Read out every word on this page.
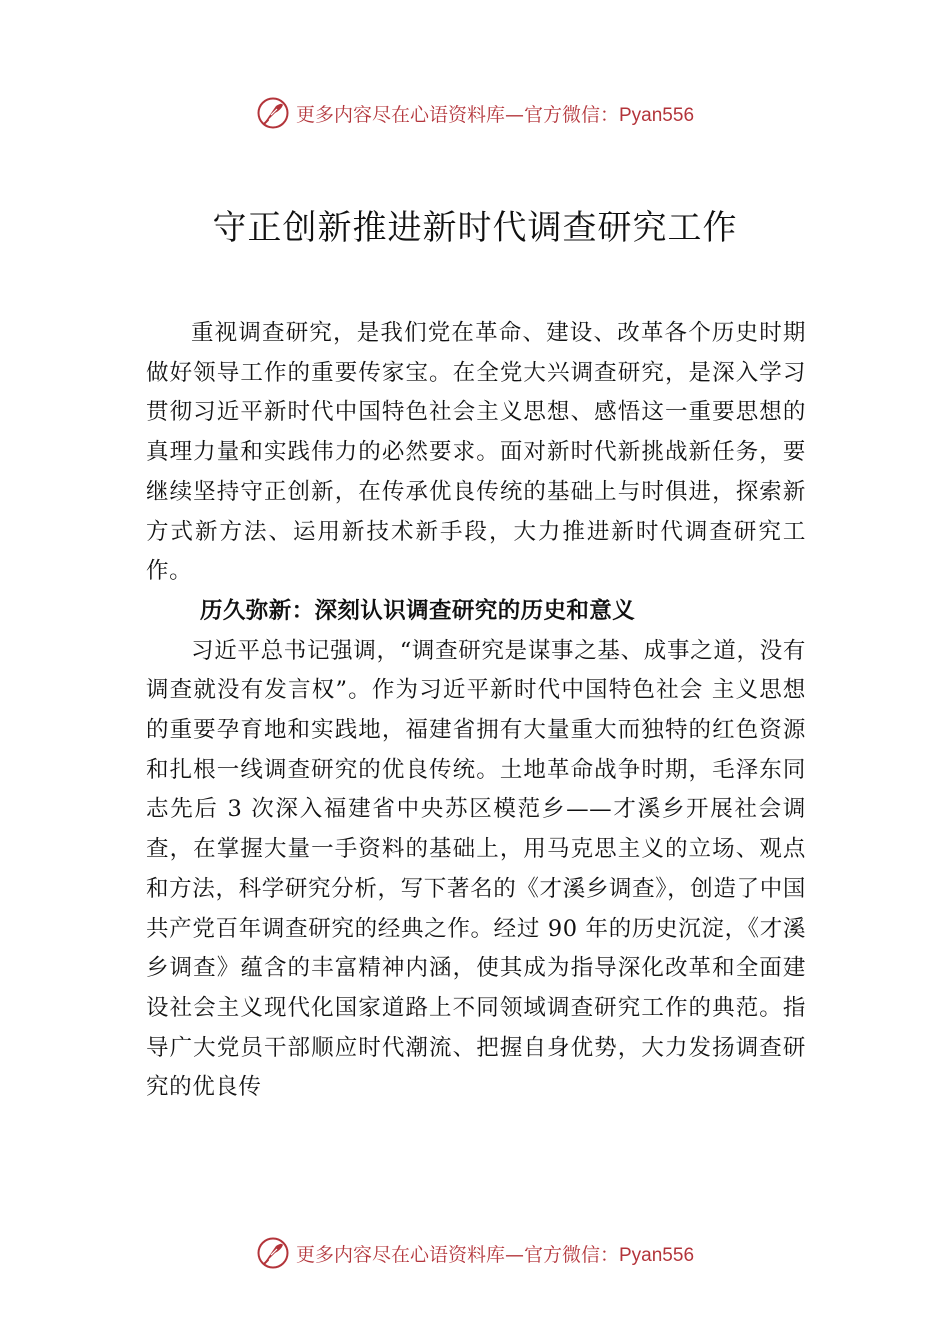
更多内容尽在心语资料库—官方微信：Pyan556
守正创新推进新时代调查研究工作

重视调查研究，是我们党在革命、建设、改革各个历史时期做好领导工作的重要传家宝。在全党大兴调查研究，是深入学习贯彻习近平新时代中国特色社会主义思想、感悟这一重要思想的真理力量和实践伟力的必然要求。面对新时代新挑战新任务，要继续坚持守正创新，在传承优良传统的基础上与时俱进，探索新方式新方法、运用新技术新手段，大力推进新时代调查研究工作。

历久弥新：深刻认识调查研究的历史和意义

习近平总书记强调，“调查研究是谋事之基、成事之道，没有调查就没有发言权”。作为习近平新时代中国特色社会 主义思想的重要孕育地和实践地，福建省拥有大量重大而独特的红色资源和扎根一线调查研究的优良传统。土地革命战争时期，毛泽东同志先后 3 次深入福建省中央苏区模范乡——才溪乡开展社会调查，在掌握大量一手资料的基础上，用马克思主义的立场、观点和方法，科学研究分析，写下著名的《才溪乡调查》，创造了中国共产党百年调查研究的经典之作。经过 90 年的历史沉淀，《才溪乡调查》蕴含的丰富精神内涵，使其成为指导深化改革和全面建设社会主义现代化国家道路上不同领域调查研究工作的典范。指导广大党员干部顺应时代潮流、把握自身优势，大力发扬调查研究的优良传

更多内容尽在心语资料库—官方微信：Pyan556
